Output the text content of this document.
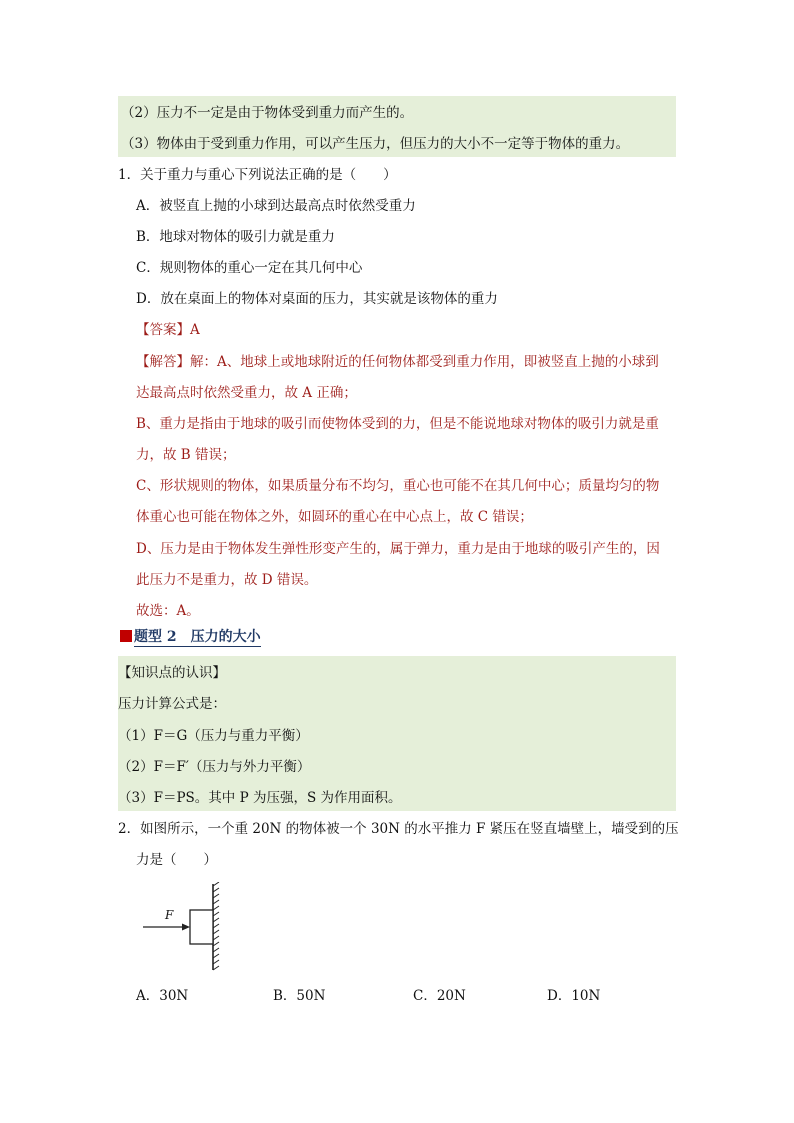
（2）压力不一定是由于物体受到重力而产生的。
（3）物体由于受到重力作用，可以产生压力，但压力的大小不一定等于物体的重力。
1．关于重力与重心下列说法正确的是（　　）
A．被竖直上抛的小球到达最高点时依然受重力
B．地球对物体的吸引力就是重力
C．规则物体的重心一定在其几何中心
D．放在桌面上的物体对桌面的压力，其实就是该物体的重力
【答案】A
【解答】解：A、地球上或地球附近的任何物体都受到重力作用，即被竖直上抛的小球到
达最高点时依然受重力，故 A 正确；
B、重力是指由于地球的吸引而使物体受到的力，但是不能说地球对物体的吸引力就是重
力，故 B 错误；
C、形状规则的物体，如果质量分布不均匀，重心也可能不在其几何中心；质量均匀的物
体重心也可能在物体之外，如圆环的重心在中心点上，故 C 错误；
D、压力是由于物体发生弹性形变产生的，属于弹力，重力是由于地球的吸引产生的，因
此压力不是重力，故 D 错误。
故选：A。
题型 2　压力的大小
【知识点的认识】
压力计算公式是：
（1）F＝G（压力与重力平衡）
（2）F＝F′（压力与外力平衡）
（3）F＝PS。其中 P 为压强，S 为作用面积。
2．如图所示，一个重 20N 的物体被一个 30N 的水平推力 F 紧压在竖直墙壁上，墙受到的压
力是（　　）
F
A．30N	B．50N	C．20N	D．10N
